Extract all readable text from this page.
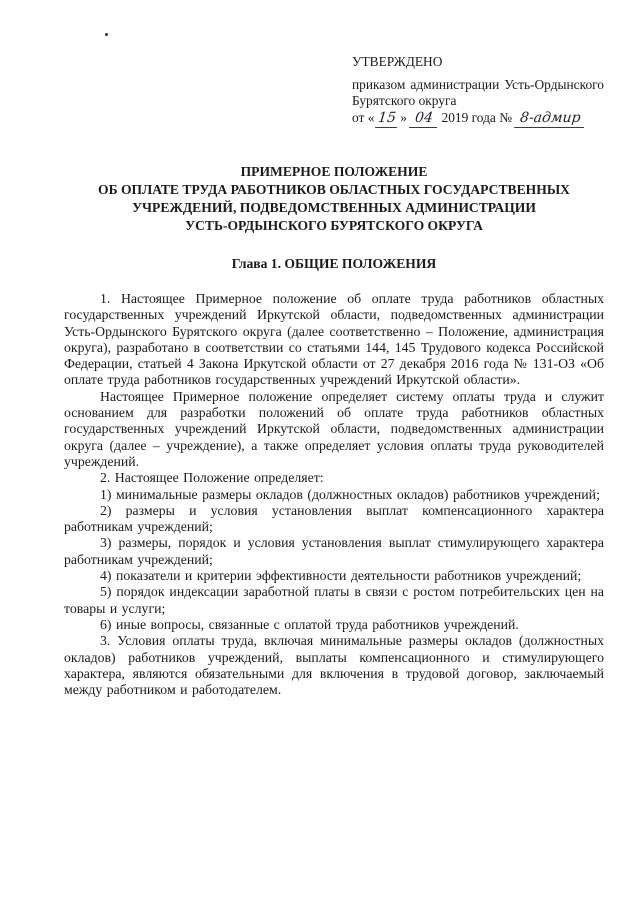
УТВЕРЖДЕНО
приказом администрации Усть-Ордынского Бурятского округа
от « 15 » 04 2019 года № 8-адмир
ПРИМЕРНОЕ ПОЛОЖЕНИЕ
ОБ ОПЛАТЕ ТРУДА РАБОТНИКОВ ОБЛАСТНЫХ ГОСУДАРСТВЕННЫХ
УЧРЕЖДЕНИЙ, ПОДВЕДОМСТВЕННЫХ АДМИНИСТРАЦИИ
УСТЬ-ОРДЫНСКОГО БУРЯТСКОГО ОКРУГА
Глава 1. ОБЩИЕ ПОЛОЖЕНИЯ

1. Настоящее Примерное положение об оплате труда работников областных государственных учреждений Иркутской области, подведомственных администрации Усть-Ордынского Бурятского округа (далее соответственно – Положение, администрация округа), разработано в соответствии со статьями 144, 145 Трудового кодекса Российской Федерации, статьей 4 Закона Иркутской области от 27 декабря 2016 года № 131-ОЗ «Об оплате труда работников государственных учреждений Иркутской области».

Настоящее Примерное положение определяет систему оплаты труда и служит основанием для разработки положений об оплате труда работников областных государственных учреждений Иркутской области, подведомственных администрации округа (далее – учреждение), а также определяет условия оплаты труда руководителей учреждений.

2. Настоящее Положение определяет:

1) минимальные размеры окладов (должностных окладов) работников учреждений;

2) размеры и условия установления выплат компенсационного характера работникам учреждений;

3) размеры, порядок и условия установления выплат стимулирующего характера работникам учреждений;

4) показатели и критерии эффективности деятельности работников учреждений;

5) порядок индексации заработной платы в связи с ростом потребительских цен на товары и услуги;

6) иные вопросы, связанные с оплатой труда работников учреждений.

3. Условия оплаты труда, включая минимальные размеры окладов (должностных окладов) работников учреждений, выплаты компенсационного и стимулирующего характера, являются обязательными для включения в трудовой договор, заключаемый между работником и работодателем.
